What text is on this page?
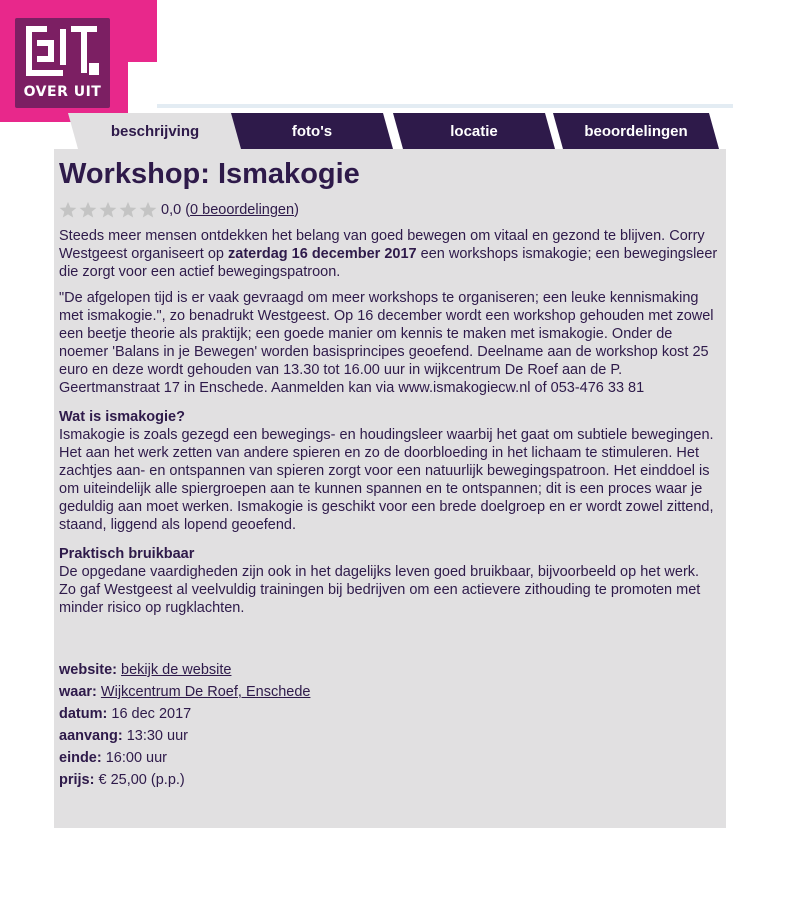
OVER UIT
beschrijving	foto's	locatie	beoordelingen
Workshop: Ismakogie
0,0 (0 beoordelingen)

Steeds meer mensen ontdekken het belang van goed bewegen om vitaal en gezond te blijven. Corry Westgeest organiseert op zaterdag 16 december 2017 een workshops ismakogie; een bewegingsleer die zorgt voor een actief bewegingspatroon.

"De afgelopen tijd is er vaak gevraagd om meer workshops te organiseren; een leuke kennismaking met ismakogie.", zo benadrukt Westgeest. Op 16 december wordt een workshop gehouden met zowel een beetje theorie als praktijk; een goede manier om kennis te maken met ismakogie. Onder de noemer 'Balans in je Bewegen' worden basisprincipes geoefend. Deelname aan de workshop kost 25 euro en deze wordt gehouden van 13.30 tot 16.00 uur in wijkcentrum De Roef aan de P. Geertmanstraat 17 in Enschede. Aanmelden kan via www.ismakogiecw.nl of 053-476 33 81

Wat is ismakogie?

Ismakogie is zoals gezegd een bewegings- en houdingsleer waarbij het gaat om subtiele bewegingen. Het aan het werk zetten van andere spieren en zo de doorbloeding in het lichaam te stimuleren. Het zachtjes aan- en ontspannen van spieren zorgt voor een natuurlijk bewegingspatroon. Het einddoel is om uiteindelijk alle spiergroepen aan te kunnen spannen en te ontspannen; dit is een proces waar je geduldig aan moet werken. Ismakogie is geschikt voor een brede doelgroep en er wordt zowel zittend, staand, liggend als lopend geoefend.

Praktisch bruikbaar

De opgedane vaardigheden zijn ook in het dagelijks leven goed bruikbaar, bijvoorbeeld op het werk. Zo gaf Westgeest al veelvuldig trainingen bij bedrijven om een actievere zithouding te promoten met minder risico op rugklachten.

website: bekijk de website
waar: Wijkcentrum De Roef, Enschede
datum: 16 dec 2017
aanvang: 13:30 uur
einde: 16:00 uur
prijs: € 25,00 (p.p.)
